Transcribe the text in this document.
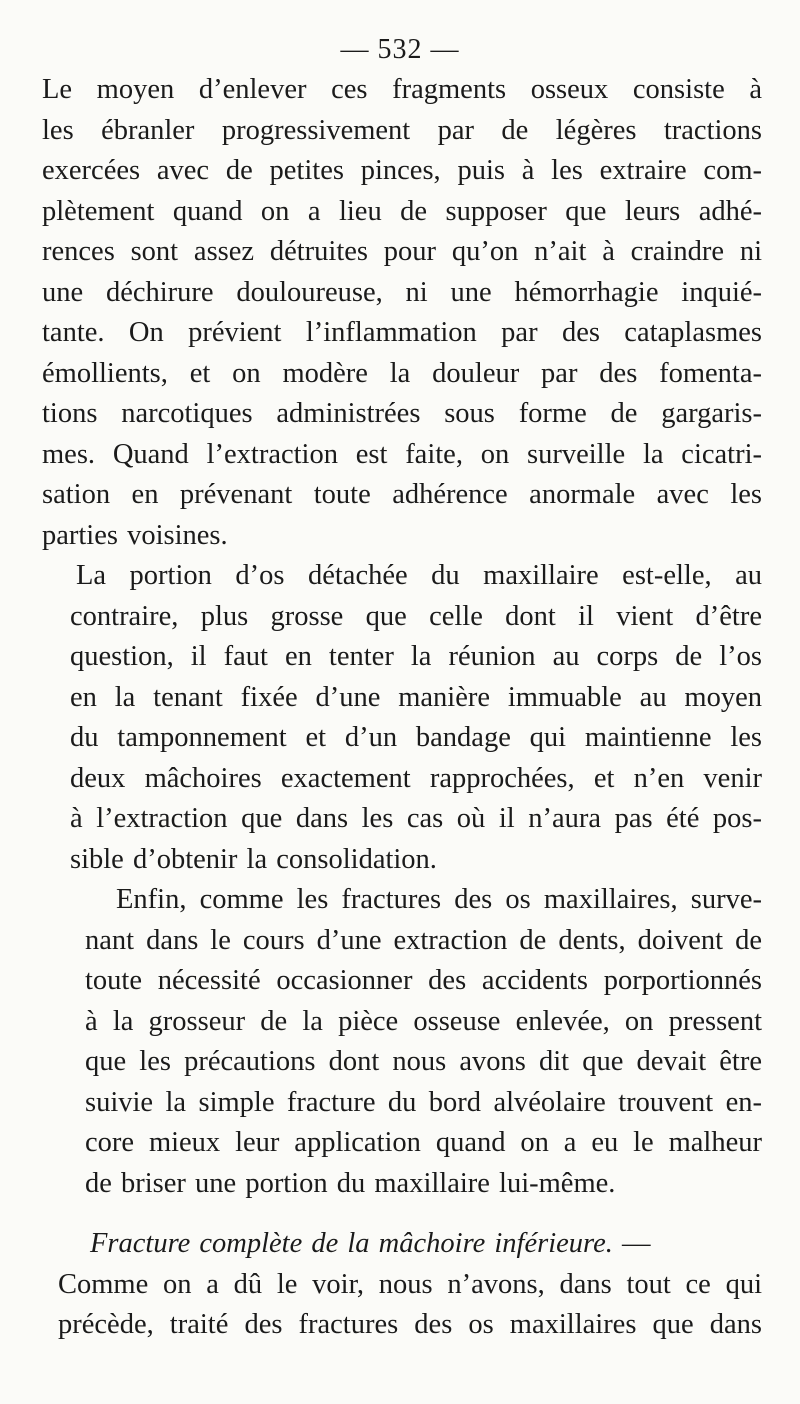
— 532 —
Le moyen d’enlever ces fragments osseux consiste à
les ébranler progressivement par de légères tractions
exercées avec de petites pinces, puis à les extraire com-
plètement quand on a lieu de supposer que leurs adhé-
rences sont assez détruites pour qu’on n’ait à craindre ni
une déchirure douloureuse, ni une hémorrhagie inquié-
tante. On prévient l’inflammation par des cataplasmes
émollients, et on modère la douleur par des fomenta-
tions narcotiques administrées sous forme de gargaris-
mes. Quand l’extraction est faite, on surveille la cicatri-
sation en prévenant toute adhérence anormale avec les
parties voisines.
La portion d’os détachée du maxillaire est-elle, au
contraire, plus grosse que celle dont il vient d’être
question, il faut en tenter la réunion au corps de l’os
en la tenant fixée d’une manière immuable au moyen
du tamponnement et d’un bandage qui maintienne les
deux mâchoires exactement rapprochées, et n’en venir
à l’extraction que dans les cas où il n’aura pas été pos-
sible d’obtenir la consolidation.
Enfin, comme les fractures des os maxillaires, surve-
nant dans le cours d’une extraction de dents, doivent de
toute nécessité occasionner des accidents porportionnés
à la grosseur de la pièce osseuse enlevée, on pressent
que les précautions dont nous avons dit que devait être
suivie la simple fracture du bord alvéolaire trouvent en-
core mieux leur application quand on a eu le malheur
de briser une portion du maxillaire lui-même.
Fracture complète de la mâchoire inférieure. —
Comme on a dû le voir, nous n’avons, dans tout ce qui
précède, traité des fractures des os maxillaires que dans
